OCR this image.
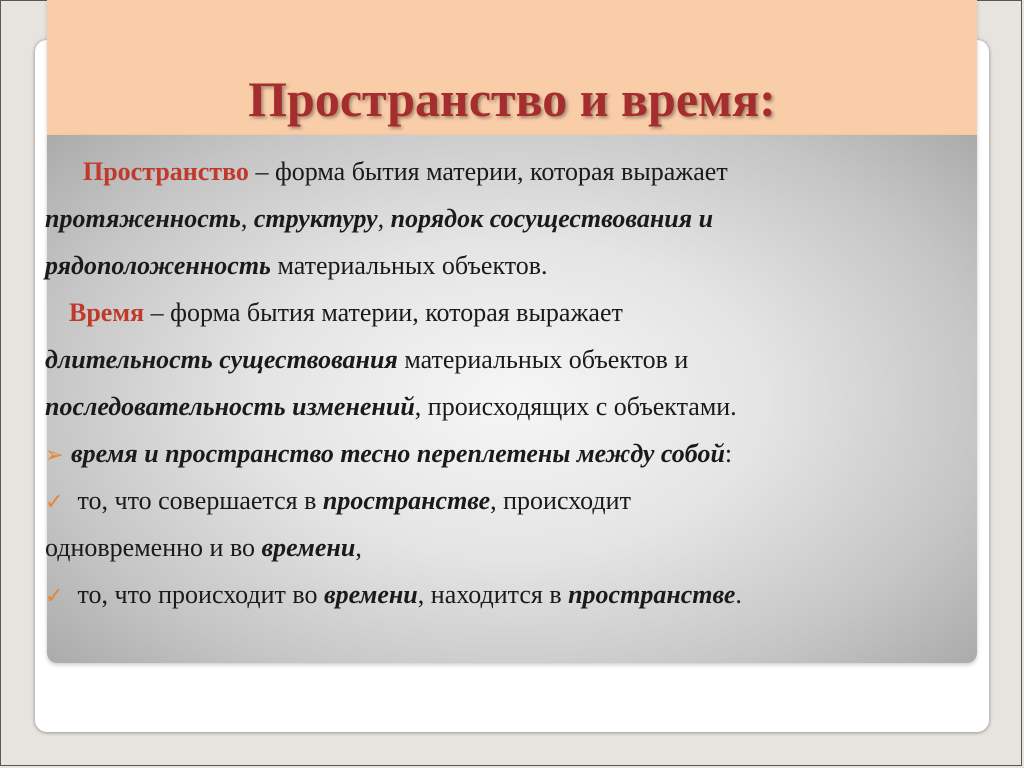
Пространство и время:
Пространство – форма бытия материи, которая выражает
протяженность, структуру, порядок сосуществования и
рядоположенность материальных объектов.
Время – форма бытия материи, которая выражает
длительность существования материальных объектов и
последовательность изменений, происходящих с объектами.
➢ время и пространство тесно переплетены между собой:
✓ то, что совершается в пространстве, происходит
одновременно и во времени,
✓ то, что происходит во времени, находится в пространстве.
